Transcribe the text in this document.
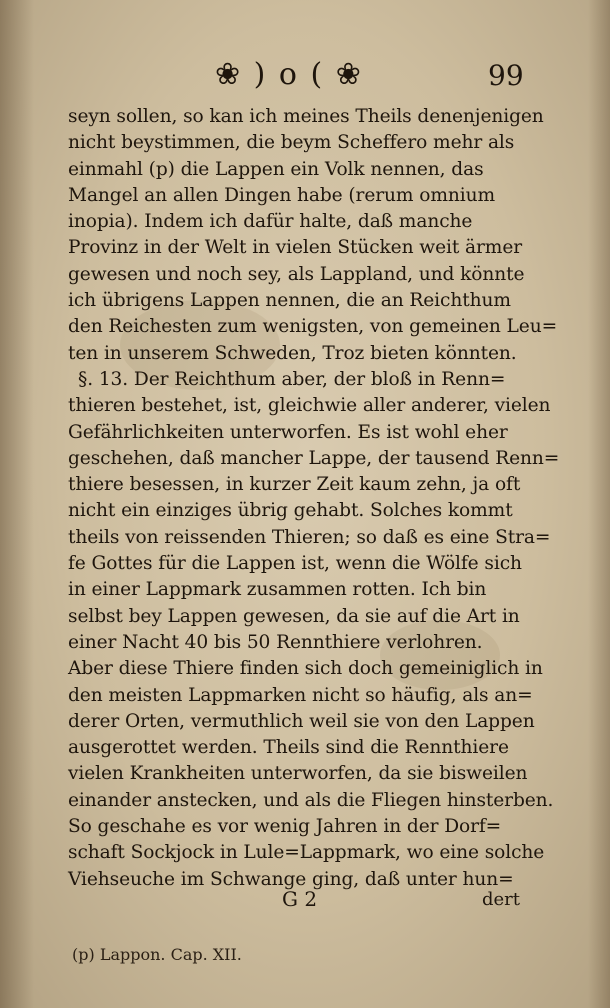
❀ ) o ( ❀	99
seyn sollen, so kan ich meines Theils denenjenigen
nicht beystimmen, die beym Scheffero mehr als
einmahl (p) die Lappen ein Volk nennen, das
Mangel an allen Dingen habe (rerum omnium
inopia). Indem ich dafür halte, daß manche
Provinz in der Welt in vielen Stücken weit ärmer
gewesen und noch sey, als Lappland, und könnte
ich übrigens Lappen nennen, die an Reichthum
den Reichesten zum wenigsten, von gemeinen Leu=
ten in unserem Schweden, Troz bieten könnten.
§. 13. Der Reichthum aber, der bloß in Renn=
thieren bestehet, ist, gleichwie aller anderer, vielen
Gefährlichkeiten unterworfen. Es ist wohl eher
geschehen, daß mancher Lappe, der tausend Renn=
thiere besessen, in kurzer Zeit kaum zehn, ja oft
nicht ein einziges übrig gehabt. Solches kommt
theils von reissenden Thieren; so daß es eine Stra=
fe Gottes für die Lappen ist, wenn die Wölfe sich
in einer Lappmark zusammen rotten. Ich bin
selbst bey Lappen gewesen, da sie auf die Art in
einer Nacht 40 bis 50 Rennthiere verlohren.
Aber diese Thiere finden sich doch gemeiniglich in
den meisten Lappmarken nicht so häufig, als an=
derer Orten, vermuthlich weil sie von den Lappen
ausgerottet werden. Theils sind die Rennthiere
vielen Krankheiten unterworfen, da sie bisweilen
einander anstecken, und als die Fliegen hinsterben.
So geschahe es vor wenig Jahren in der Dorf=
schaft Sockjock in Lule=Lappmark, wo eine solche
Viehseuche im Schwange ging, daß unter hun=
G 2	dert
(p) Lappon. Cap. XII.
